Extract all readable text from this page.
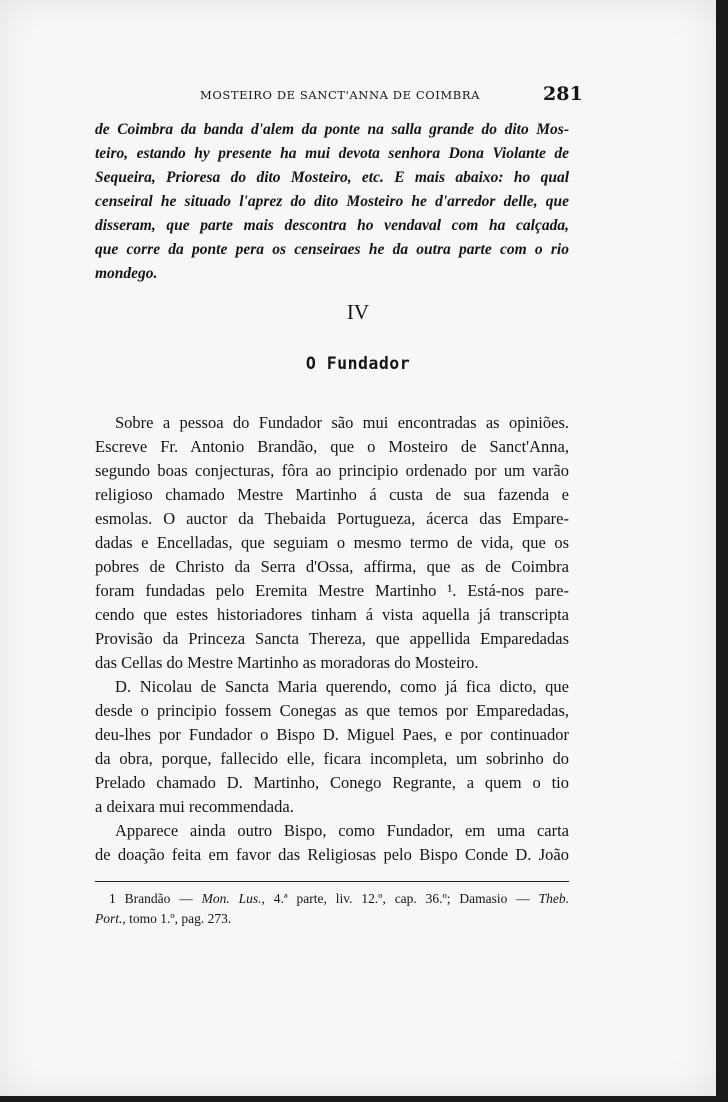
MOSTEIRO DE SANCT'ANNA DE COIMBRA	281
de Coimbra da banda d'alem da ponte na salla grande do dito Mos-
teiro, estando hy presente ha mui devota senhora Dona Violante de
Sequeira, Prioresa do dito Mosteiro, etc. E mais abaixo: ho qual
censeiral he situado l'aprez do dito Mosteiro he d'arredor delle, que
disseram, que parte mais descontra ho vendaval com ha calçada,
que corre da ponte pera os censeiraes he da outra parte com o rio
mondego.
IV
O Fundador
Sobre a pessoa do Fundador são mui encontradas as opiniões.
Escreve Fr. Antonio Brandão, que o Mosteiro de Sanct'Anna,
segundo boas conjecturas, fôra ao principio ordenado por um varão
religioso chamado Mestre Martinho á custa de sua fazenda e
esmolas. O auctor da Thebaida Portugueza, ácerca das Empare-
dadas e Encelladas, que seguiam o mesmo termo de vida, que os
pobres de Christo da Serra d'Ossa, affirma, que as de Coimbra
foram fundadas pelo Eremita Mestre Martinho ¹. Está-nos pare-
cendo que estes historiadores tinham á vista aquella já transcripta
Provisão da Princeza Sancta Thereza, que appellida Emparedadas
das Cellas do Mestre Martinho as moradoras do Mosteiro.
D. Nicolau de Sancta Maria querendo, como já fica dicto, que
desde o principio fossem Conegas as que temos por Emparedadas,
deu-lhes por Fundador o Bispo D. Miguel Paes, e por continuador
da obra, porque, fallecido elle, ficara incompleta, um sobrinho do
Prelado chamado D. Martinho, Conego Regrante, a quem o tio
a deixara mui recommendada.
Apparece ainda outro Bispo, como Fundador, em uma carta
de doação feita em favor das Religiosas pelo Bispo Conde D. João
1 Brandão — Mon. Lus., 4.ª parte, liv. 12.º, cap. 36.º; Damasio — Theb.
Port., tomo 1.º, pag. 273.
